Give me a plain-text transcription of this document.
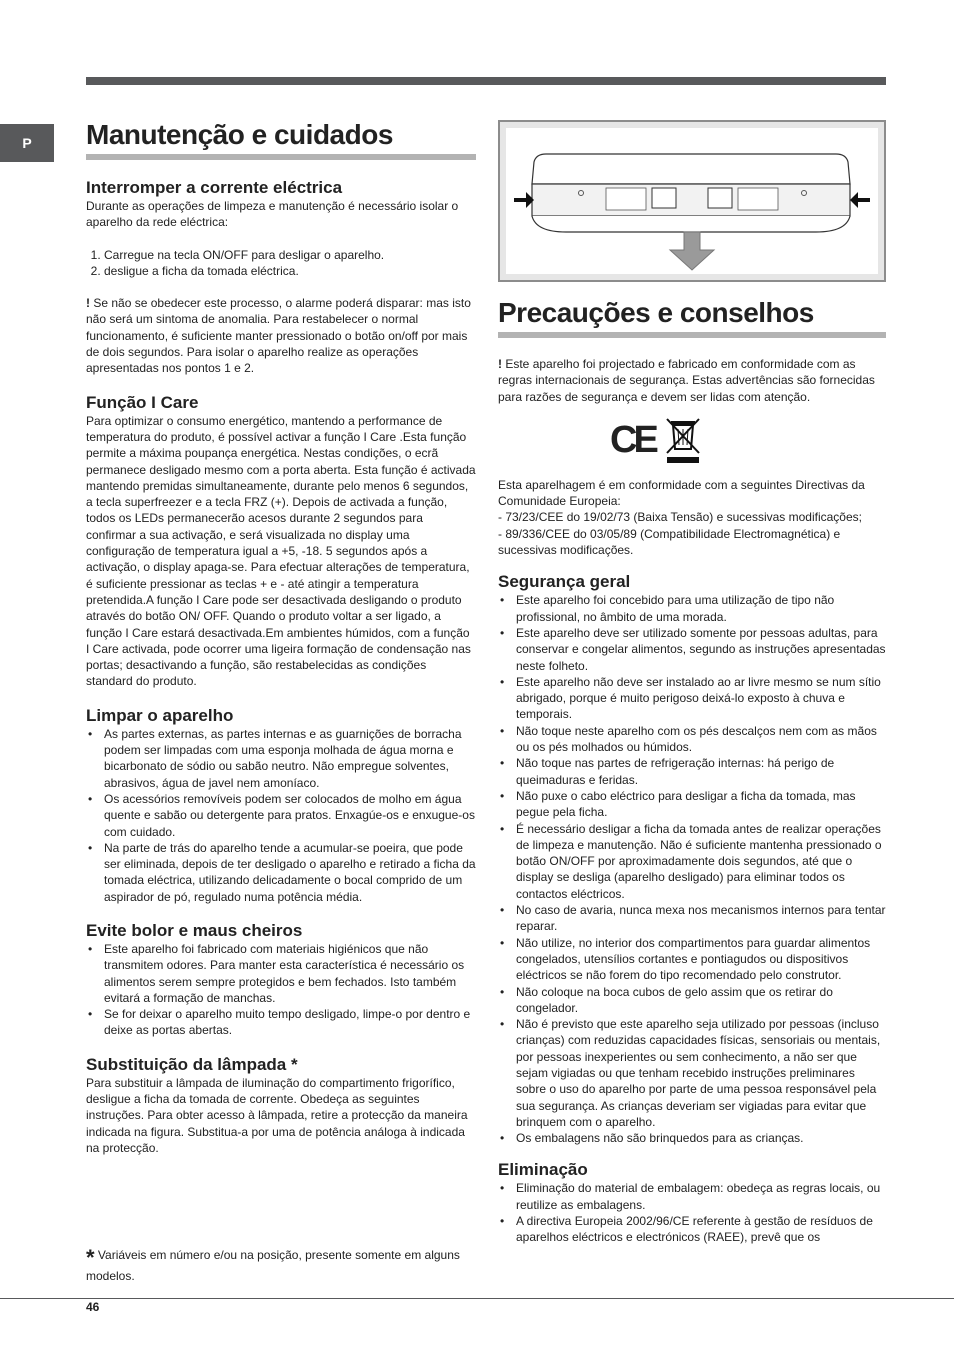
P	Manutenção e cuidados
Interromper a corrente eléctrica

Durante as operações de limpeza e manutenção é necessário isolar o aparelho da rede eléctrica:

1. Carregue na tecla ON/OFF para desligar o aparelho.
2. desligue a ficha da tomada eléctrica.

! Se não se obedecer este processo, o alarme poderá disparar: mas isto não será um sintoma de anomalia. Para restabelecer o normal funcionamento, é suficiente manter pressionado o botão on/off por mais de dois segundos. Para isolar o aparelho realize as operações apresentadas nos pontos 1 e 2.

Função I Care

Para optimizar o consumo energético, mantendo a performance de temperatura do produto, é possível activar a função I Care .Esta função permite a máxima poupança energética. Nestas condições, o ecrã permanece desligado mesmo com a porta aberta. Esta função é activada mantendo premidas simultaneamente, durante pelo menos 6 segundos, a tecla superfreezer e a tecla FRZ (+). Depois de activada a função, todos os LEDs permanecerão acesos durante 2 segundos para confirmar a sua activação, e será visualizada no display uma configuração de temperatura igual a +5, -18. 5 segundos após a activação, o display apaga-se. Para efectuar alterações de temperatura, é suficiente pressionar as teclas + e - até atingir a temperatura pretendida.A função I Care pode ser desactivada desligando o produto através do botão ON/ OFF. Quando o produto voltar a ser ligado, a função I Care estará desactivada.Em ambientes húmidos, com a função I Care activada, pode ocorrer uma ligeira formação de condensação nas portas; desactivando a função, são restabelecidas as condições standard do produto.

Limpar o aparelho
• As partes externas, as partes internas e as guarnições de borracha podem ser limpadas com uma esponja molhada de água morna e bicarbonato de sódio ou sabão neutro. Não empregue solventes, abrasivos, água de javel nem amoníaco.
• Os acessórios removíveis podem ser colocados de molho em água quente e sabão ou detergente para pratos. Enxagúe-os e enxugue-os com cuidado.
• Na parte de trás do aparelho tende a acumular-se poeira, que pode ser eliminada, depois de ter desligado o aparelho e retirado a ficha da tomada eléctrica, utilizando delicadamente o bocal comprido de um aspirador de pó, regulado numa potência média.
Evite bolor e maus cheiros
• Este aparelho foi fabricado com materiais higiénicos que não transmitem odores. Para manter esta característica é necessário os alimentos serem sempre protegidos e bem fechados. Isto também evitará a formação de manchas.
• Se for deixar o aparelho muito tempo desligado, limpe-o por dentro e deixe as portas abertas.
Substituição da lâmpada *

Para substituir a lâmpada de iluminação do compartimento frigorífico, desligue a ficha da tomada de corrente. Obedeça as seguintes instruções. Para obter acesso à lâmpada, retire a protecção da maneira indicada na figura. Substitua-a por uma de potência análoga à indicada na protecção.

* Variáveis em número e/ou na posição, presente somente em alguns modelos.
Precauções e conselhos

! Este aparelho foi projectado e fabricado em conformidade com as regras internacionais de segurança. Estas advertências são fornecidas para razões de segurança e devem ser lidas com atenção.

CE

Esta aparelhagem é em conformidade com a seguintes Directivas da Comunidade Europeia:

- 73/23/CEE do 19/02/73 (Baixa Tensão) e sucessivas modificações;

- 89/336/CEE do 03/05/89 (Compatibilidade Electromagnética) e sucessivas modificações.

Segurança geral
• Este aparelho foi concebido para uma utilização de tipo não profissional, no âmbito de uma morada.
• Este aparelho deve ser utilizado somente por pessoas adultas, para conservar e congelar alimentos, segundo as instruções apresentadas neste folheto.
• Este aparelho não deve ser instalado ao ar livre mesmo se num sítio abrigado, porque é muito perigoso deixá-lo exposto à chuva e temporais.
• Não toque neste aparelho com os pés descalços nem com as mãos ou os pés molhados ou húmidos.
• Não toque nas partes de refrigeração internas: há perigo de queimaduras e feridas.
• Não puxe o cabo eléctrico para desligar a ficha da tomada, mas pegue pela ficha.
• É necessário desligar a ficha da tomada antes de realizar operações de limpeza e manutenção. Não é suficiente mantenha pressionado o botão ON/OFF por aproximadamente dois segundos, até que o display se desliga (aparelho desligado) para eliminar todos os contactos eléctricos.
• No caso de avaria, nunca mexa nos mecanismos internos para tentar reparar.
• Não utilize, no interior dos compartimentos para guardar alimentos congelados, utensílios cortantes e pontiagudos ou dispositivos eléctricos se não forem do tipo recomendado pelo construtor.
• Não coloque na boca cubos de gelo assim que os retirar do congelador.
• Não é previsto que este aparelho seja utilizado por pessoas (incluso crianças) com reduzidas capacidades físicas, sensoriais ou mentais, por pessoas inexperientes ou sem conhecimento, a não ser que sejam vigiadas ou que tenham recebido instruções preliminares sobre o uso do aparelho por parte de uma pessoa responsável pela sua segurança. As crianças deveriam ser vigiadas para evitar que brinquem com o aparelho.
• Os embalagens não são brinquedos para as crianças.
Eliminação
• Eliminação do material de embalagem: obedeça as regras locais, ou reutilize as embalagens.
• A directiva Europeia 2002/96/CE referente à gestão de resíduos de aparelhos eléctricos e electrónicos (RAEE), prevê que os
46
